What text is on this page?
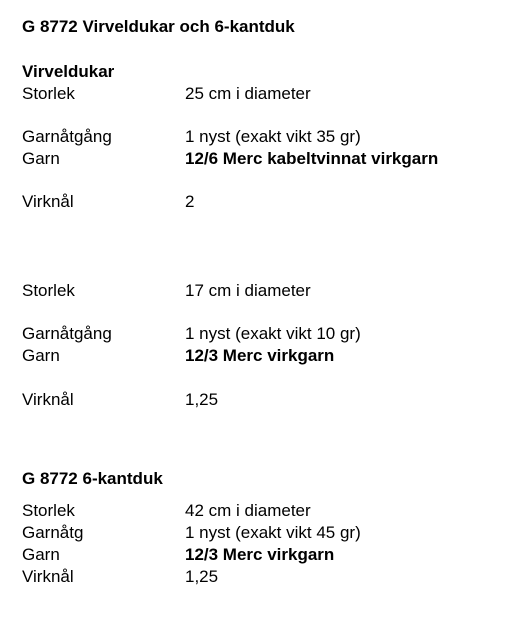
G 8772 Virveldukar och 6-kantduk
Virveldukar
Storlek	25 cm i diameter
Garnåtgång	1 nyst (exakt vikt 35 gr)
Garn	12/6 Merc kabeltvinnat virkgarn
Virknål	2
Storlek	17 cm i diameter
Garnåtgång	1 nyst (exakt vikt 10 gr)
Garn	12/3 Merc virkgarn
Virknål	1,25
G 8772 6-kantduk
Storlek	42 cm i diameter
Garnåtg	1 nyst (exakt vikt 45 gr)
Garn	12/3 Merc virkgarn
Virknål	1,25
